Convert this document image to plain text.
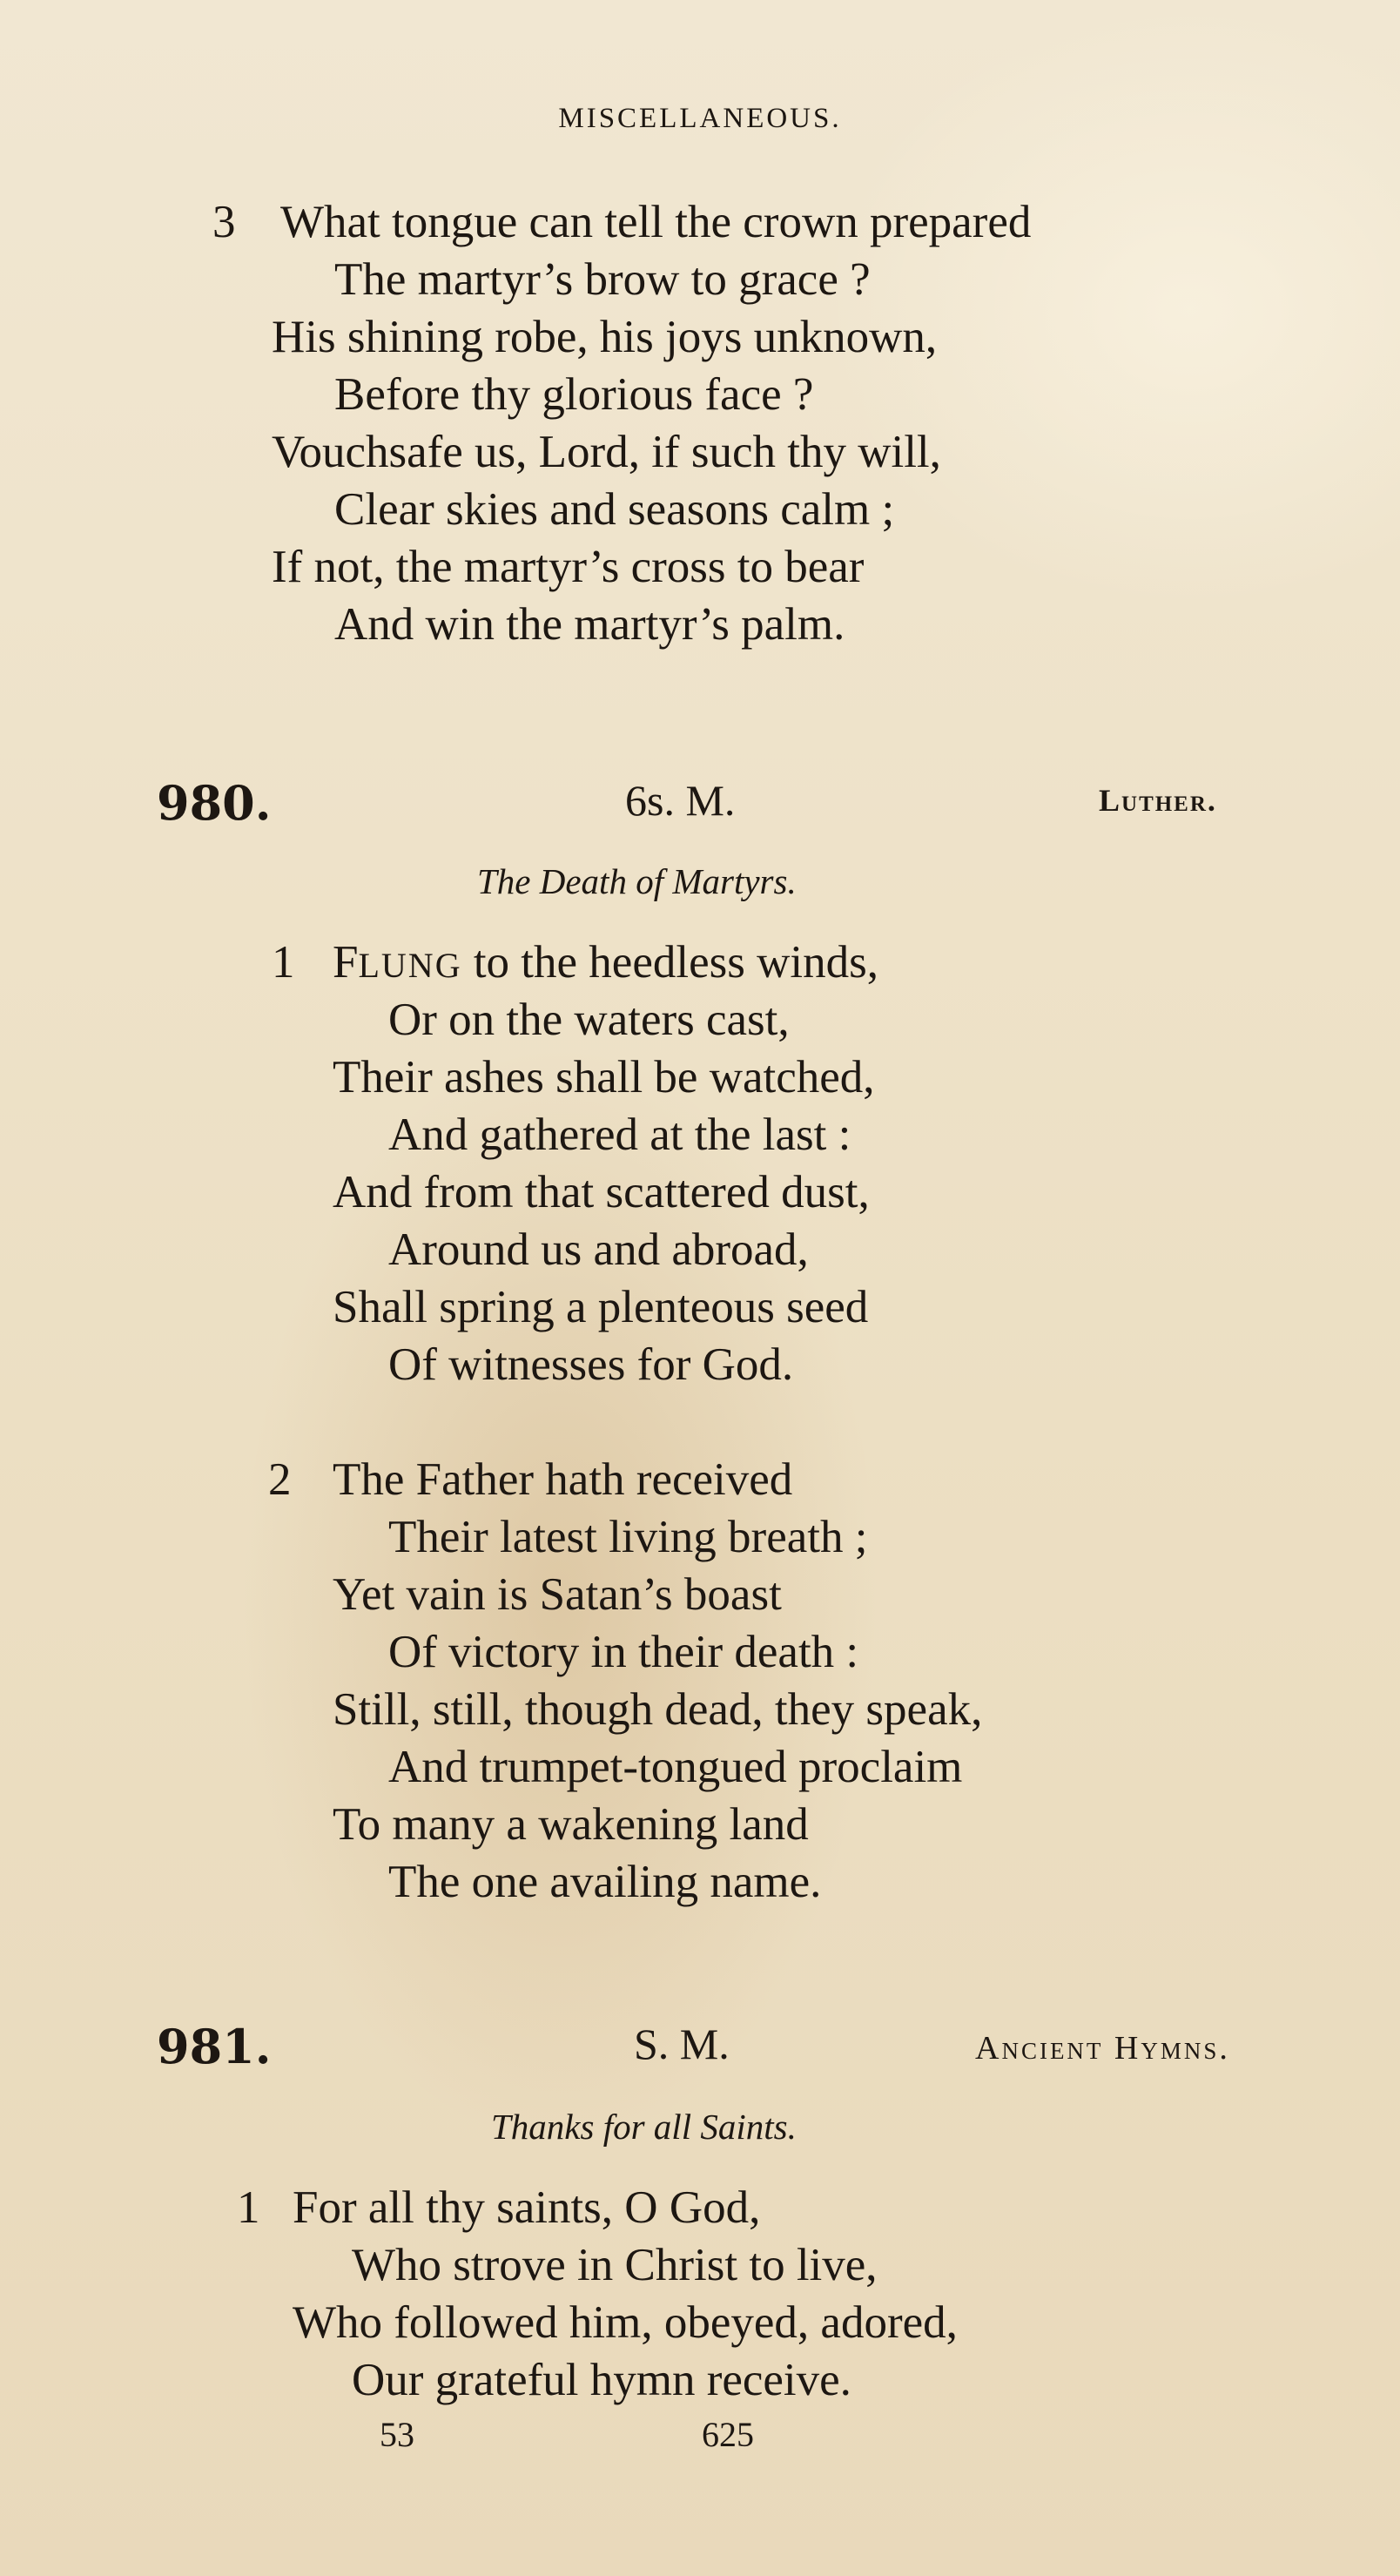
MISCELLANEOUS.
3 What tongue can tell the crown prepared
The martyr’s brow to grace ?
His shining robe, his joys unknown,
Before thy glorious face ?
Vouchsafe us, Lord, if such thy will,
Clear skies and seasons calm ;
If not, the martyr’s cross to bear
And win the martyr’s palm.
980.	6s. M.	Luther.
The Death of Martyrs.
1 FLUNG to the heedless winds,
Or on the waters cast,
Their ashes shall be watched,
And gathered at the last :
And from that scattered dust,
Around us and abroad,
Shall spring a plenteous seed
Of witnesses for God.
2 The Father hath received
Their latest living breath ;
Yet vain is Satan’s boast
Of victory in their death :
Still, still, though dead, they speak,
And trumpet-tongued proclaim
To many a wakening land
The one availing name.
981.	S. M.	Ancient Hymns.
Thanks for all Saints.
1 For all thy saints, O God,
Who strove in Christ to live,
Who followed him, obeyed, adored,
Our grateful hymn receive.
53	625
